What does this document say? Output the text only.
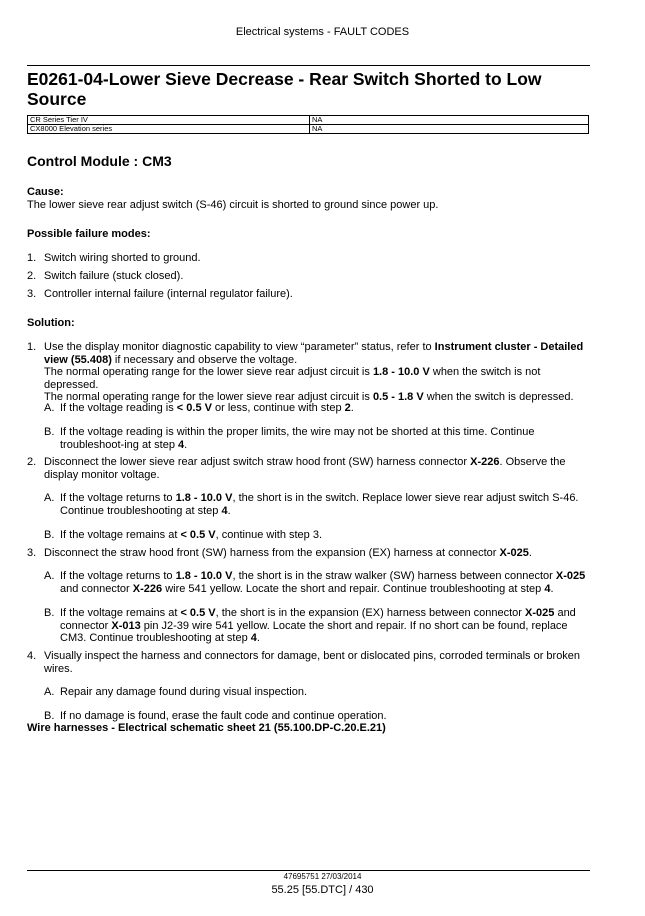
Electrical systems - FAULT CODES
E0261-04-Lower Sieve Decrease - Rear Switch Shorted to Low Source
CR Series Tier IV	NA
CX8000 Elevation series	NA
Control Module : CM3
Cause:
The lower sieve rear adjust switch (S-46) circuit is shorted to ground since power up.
Possible failure modes:
1. Switch wiring shorted to ground.
2. Switch failure (stuck closed).
3. Controller internal failure (internal regulator failure).
Solution:
1. Use the display monitor diagnostic capability to view “parameter” status, refer to Instrument cluster - Detailed view (55.408) if necessary and observe the voltage.
The normal operating range for the lower sieve rear adjust circuit is 1.8 - 10.0 V when the switch is not depressed.
The normal operating range for the lower sieve rear adjust circuit is 0.5 - 1.8 V when the switch is depressed.
A. If the voltage reading is < 0.5 V or less, continue with step 2.
B. If the voltage reading is within the proper limits, the wire may not be shorted at this time. Continue troubleshoot-ing at step 4.
2. Disconnect the lower sieve rear adjust switch straw hood front (SW) harness connector X-226. Observe the display monitor voltage.
A. If the voltage returns to 1.8 - 10.0 V, the short is in the switch. Replace lower sieve rear adjust switch S-46. Continue troubleshooting at step 4.
B. If the voltage remains at < 0.5 V, continue with step 3.
3. Disconnect the straw hood front (SW) harness from the expansion (EX) harness at connector X-025.
A. If the voltage returns to 1.8 - 10.0 V, the short is in the straw walker (SW) harness between connector X-025 and connector X-226 wire 541 yellow. Locate the short and repair. Continue troubleshooting at step 4.
B. If the voltage remains at < 0.5 V, the short is in the expansion (EX) harness between connector X-025 and connector X-013 pin J2-39 wire 541 yellow. Locate the short and repair. If no short can be found, replace CM3. Continue troubleshooting at step 4.
4. Visually inspect the harness and connectors for damage, bent or dislocated pins, corroded terminals or broken wires.
A. Repair any damage found during visual inspection.
B. If no damage is found, erase the fault code and continue operation.
Wire harnesses - Electrical schematic sheet 21 (55.100.DP-C.20.E.21)
47695751 27/03/2014
55.25 [55.DTC] / 430
